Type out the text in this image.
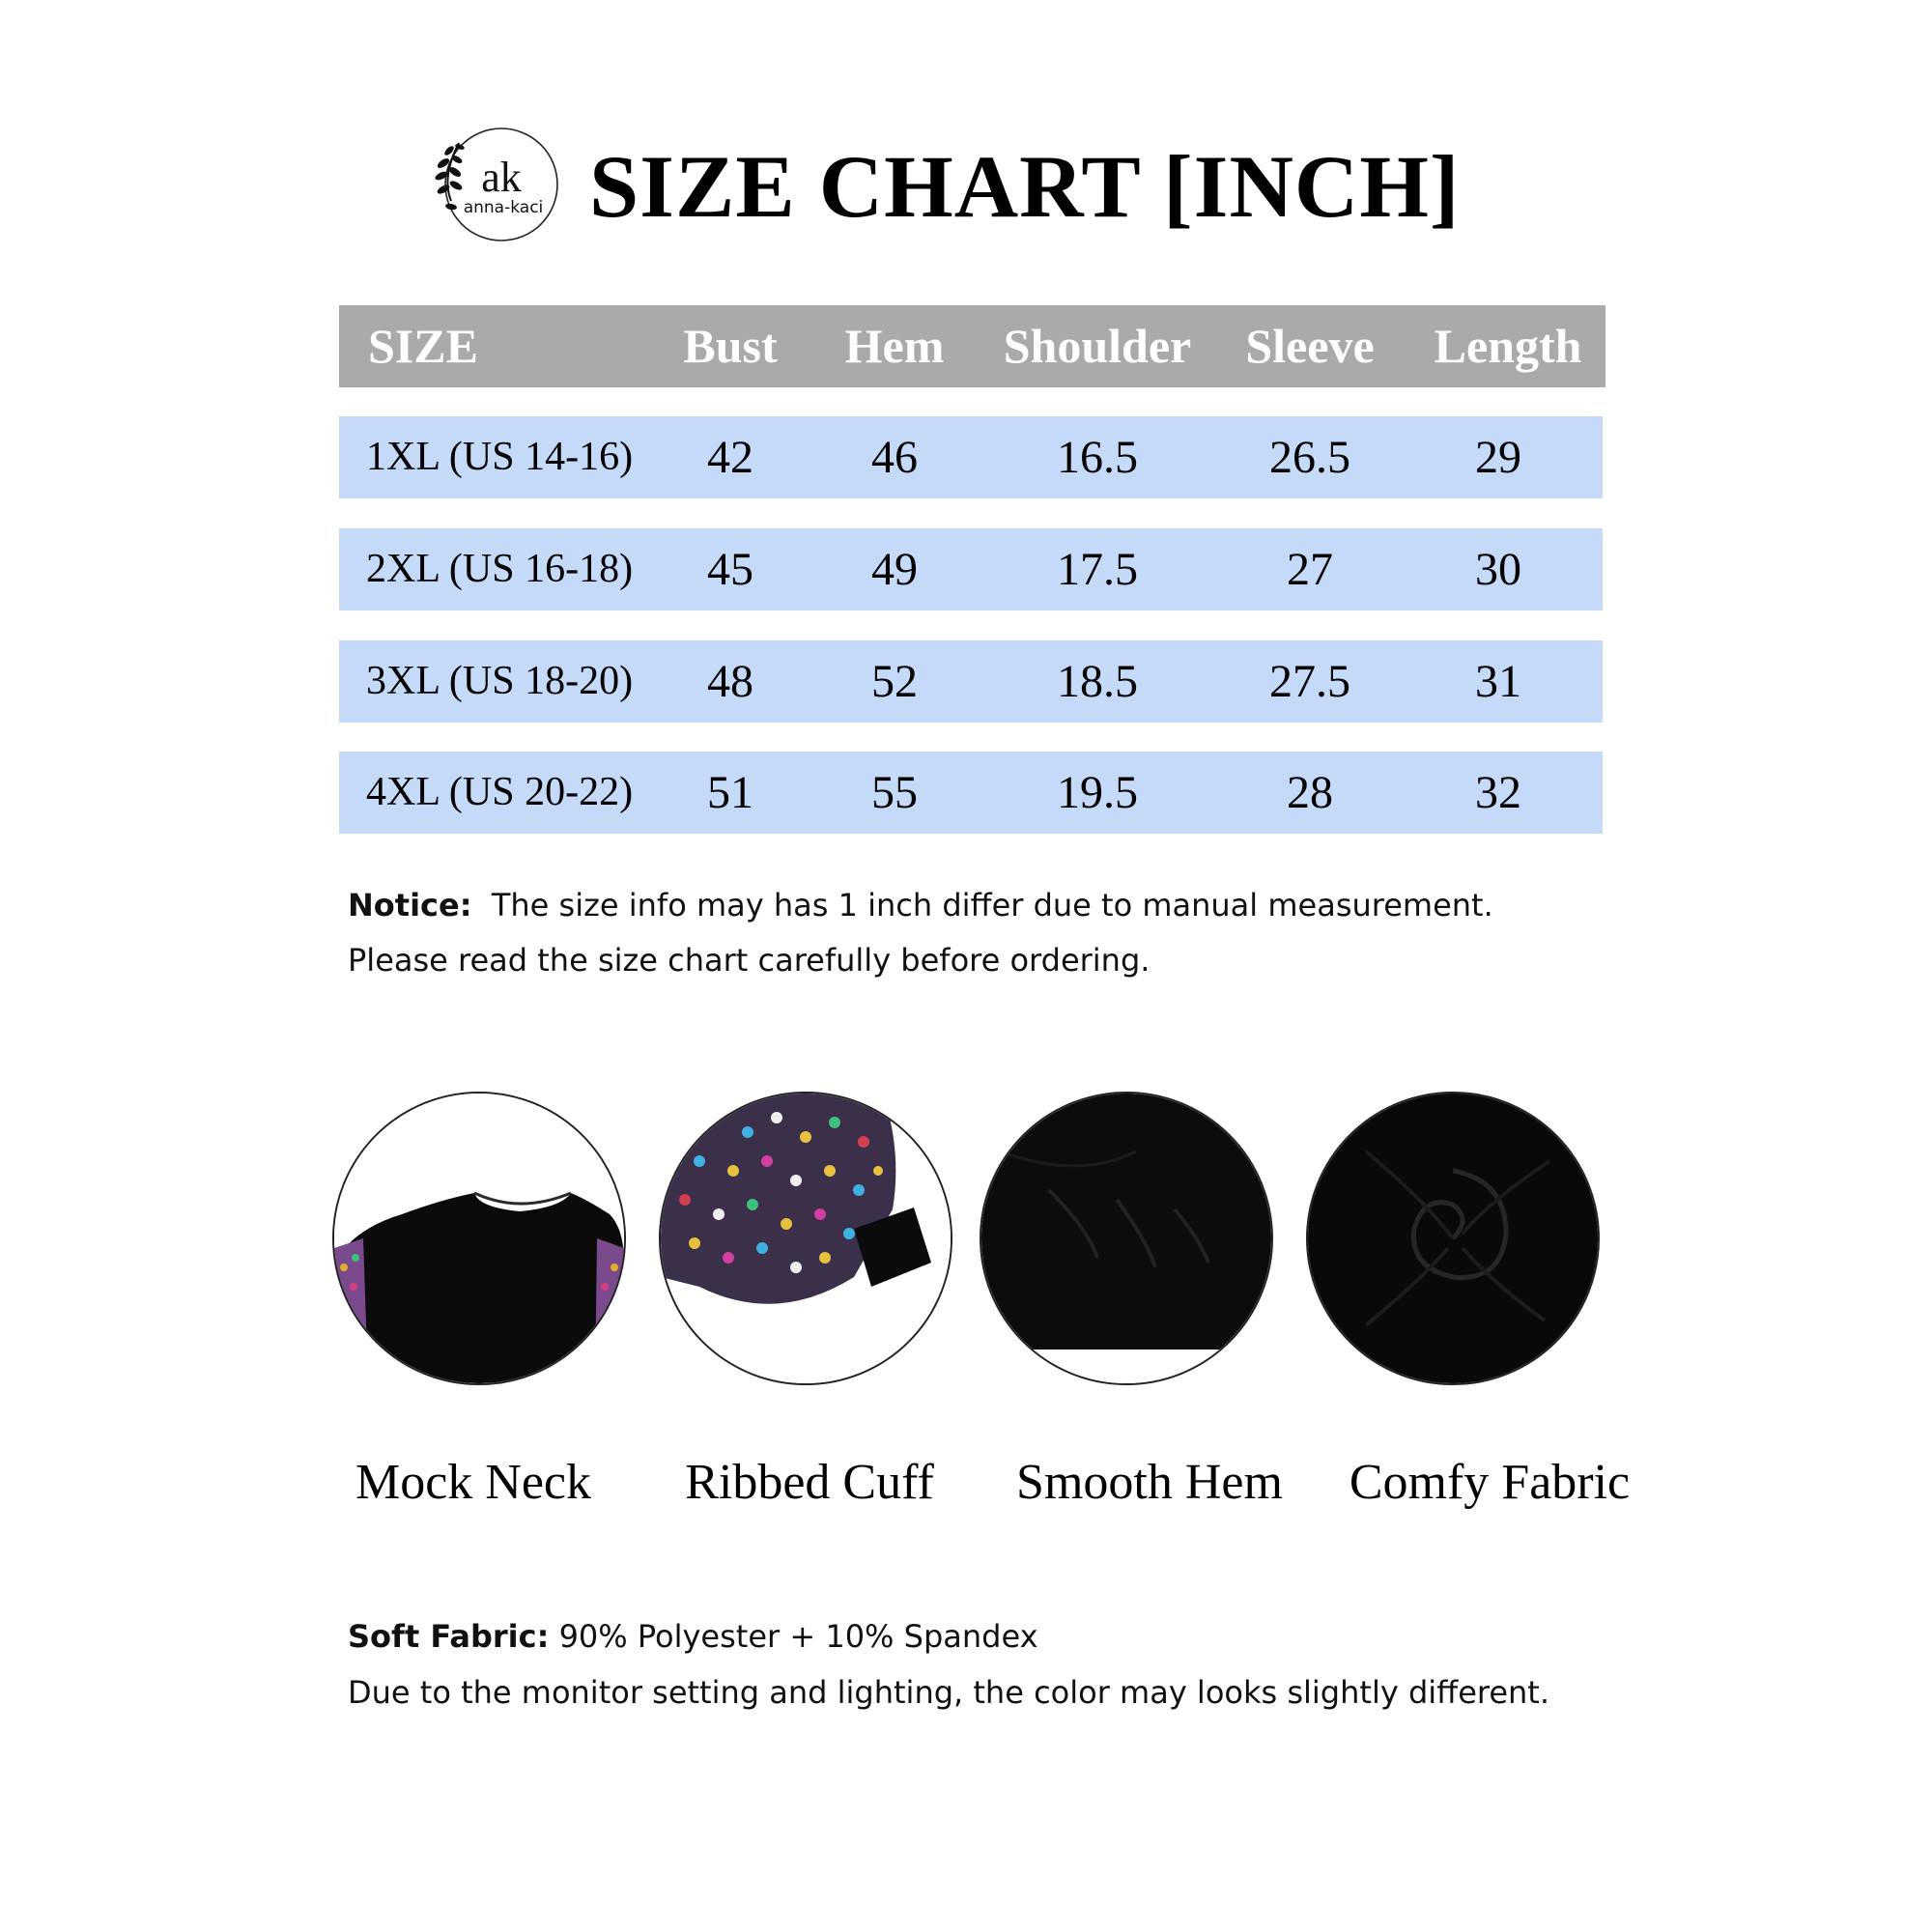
ak
anna-kaci SIZE CHART [INCH]
SIZE	Bust	Hem	Shoulder	Sleeve	Length
1XL (US 14-16)	42	46	16.5	26.5	29
2XL (US 16-18)	45	49	17.5	27	30
3XL (US 18-20)	48	52	18.5	27.5	31
4XL (US 20-22)	51	55	19.5	28	32
Notice: The size info may has 1 inch differ due to manual measurement.
Please read the size chart carefully before ordering.
Mock Neck	Ribbed Cuff	Smooth Hem	Comfy Fabric
Soft Fabric: 90% Polyester + 10% Spandex
Due to the monitor setting and lighting, the color may looks slightly different.
